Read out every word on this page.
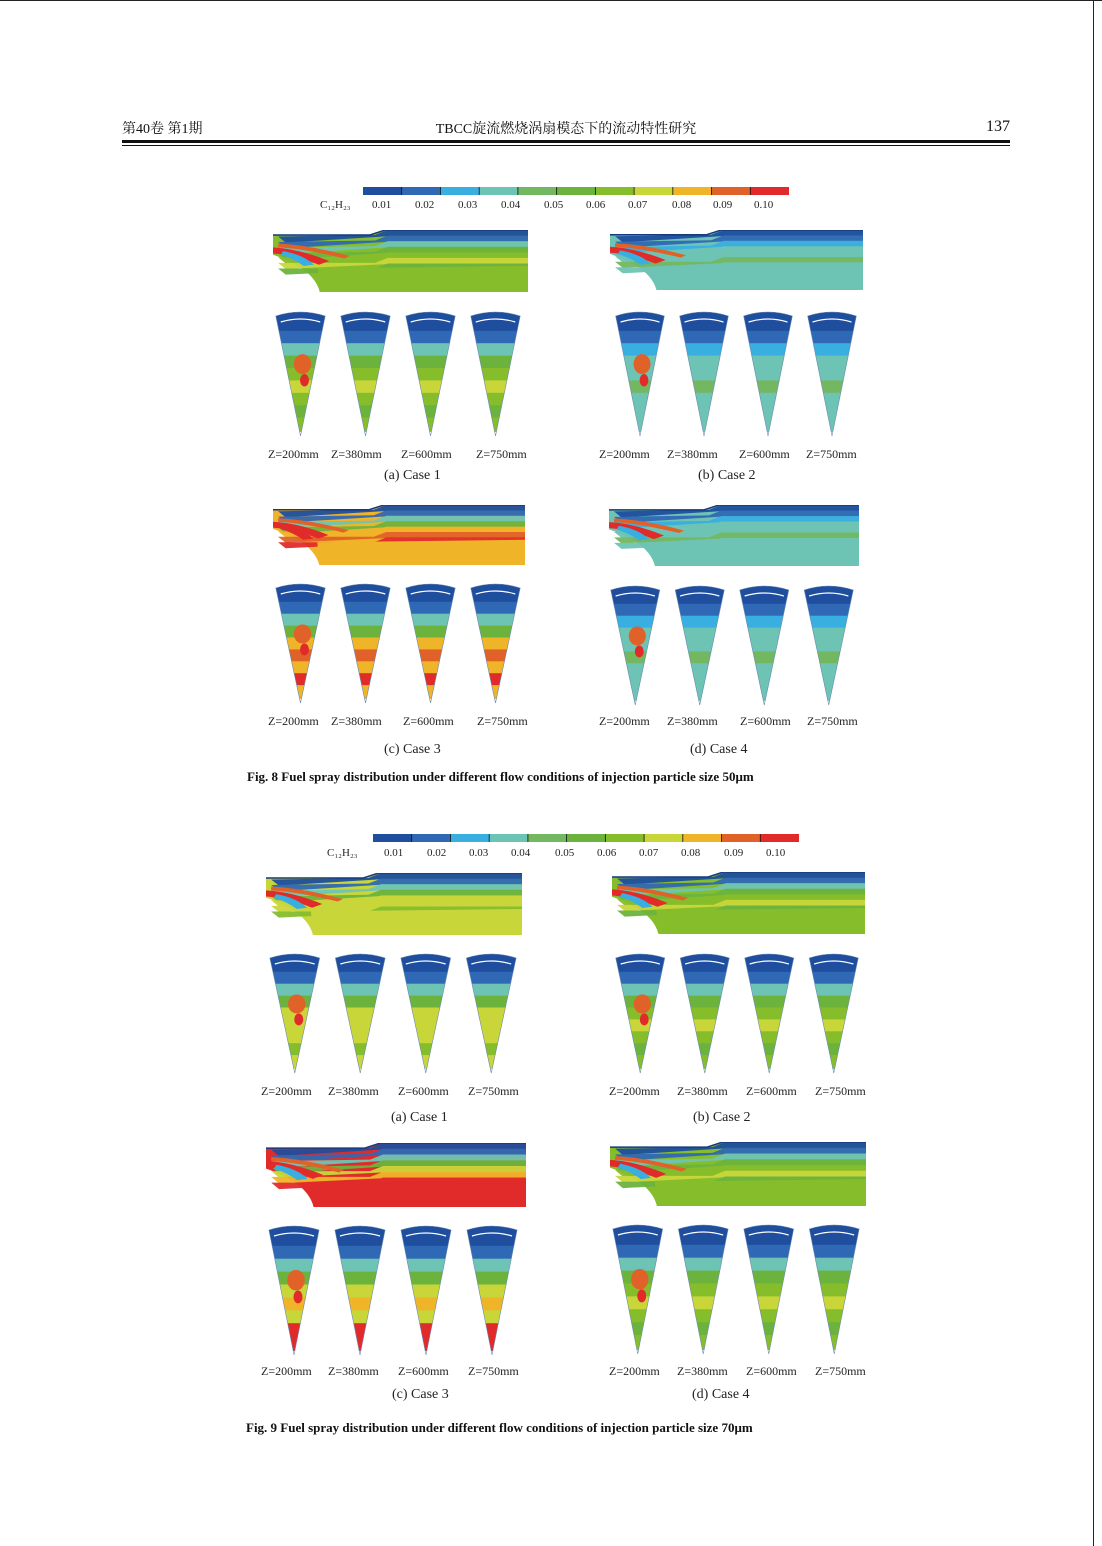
第40卷 第1期	TBCC旋流燃烧涡扇模态下的流动特性研究	137
C₁₂H₂₃ 0.01 0.02 0.03 0.04 0.05 0.06 0.07 0.08 0.09 0.10
Z=200mm Z=380mm Z=600mm Z=750mm
(a) Case 1
Z=200mm Z=380mm Z=600mm Z=750mm
(b) Case 2
Z=200mm Z=380mm Z=600mm Z=750mm
(c) Case 3
Z=200mm Z=380mm Z=600mm Z=750mm
(d) Case 4
Fig. 8 Fuel spray distribution under different flow conditions of injection particle size 50μm
C₁₂H₂₃ 0.01 0.02 0.03 0.04 0.05 0.06 0.07 0.08 0.09 0.10
Z=200mm Z=380mm Z=600mm Z=750mm
(a) Case 1
Z=200mm Z=380mm Z=600mm Z=750mm
(b) Case 2
Z=200mm Z=380mm Z=600mm Z=750mm
(c) Case 3
Z=200mm Z=380mm Z=600mm Z=750mm
(d) Case 4
Fig. 9 Fuel spray distribution under different flow conditions of injection particle size 70μm
